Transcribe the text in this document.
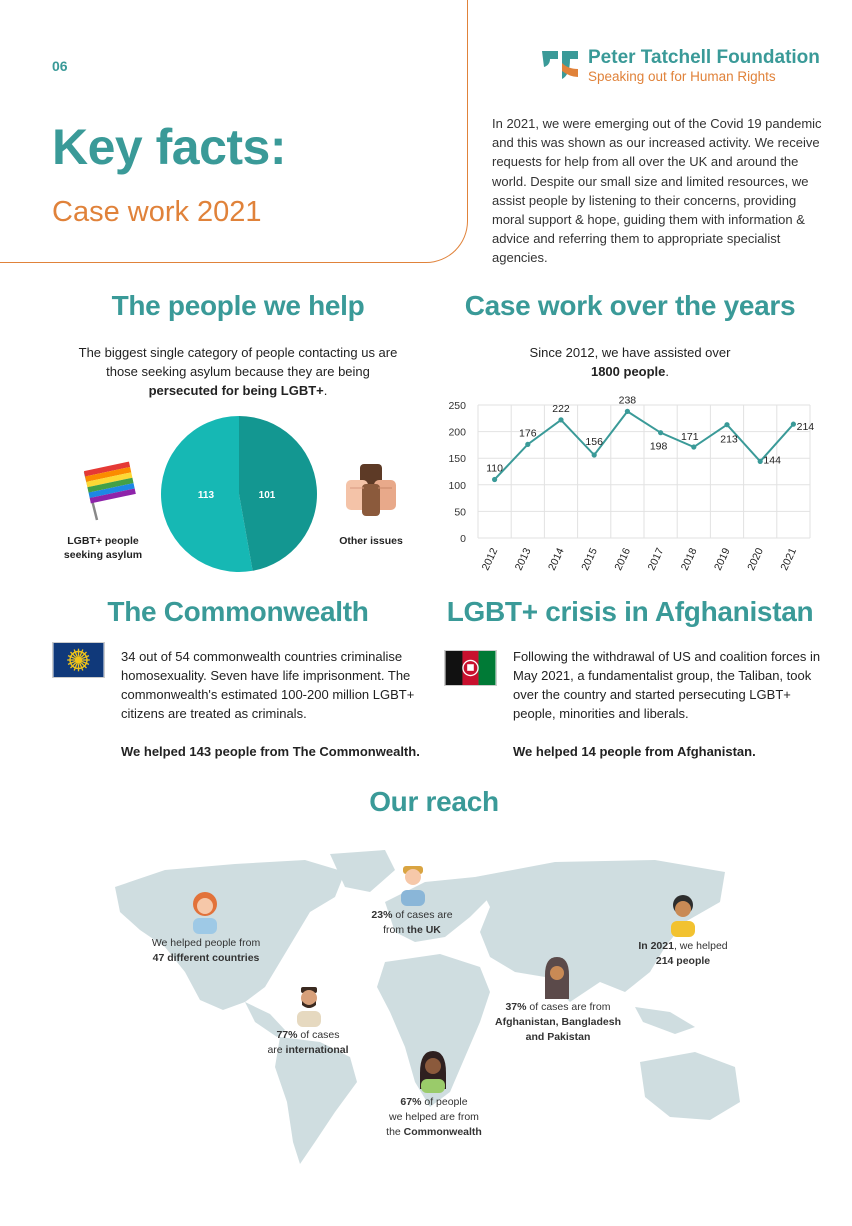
06
Key facts:
Case work 2021
Peter Tatchell Foundation
Speaking out for Human Rights
In 2021, we were emerging out of the Covid 19 pandemic and this was shown as our increased activity. We receive requests for help from all over the UK and around the world. Despite our small size and limited resources, we assist people by listening to their concerns, providing moral support & hope, guiding them with information & advice and referring them to appropriate specialist agencies.
The people we help
The biggest single category of people contacting us are those seeking asylum because they are being persecuted for being LGBT+.
LGBT+ people seeking asylum
113	101
Other issues
Case work over the years
Since 2012, we have assisted over 1800 people.
0
50
100
150
200
250
2012 2013 2014 2015 2016 2017 2018 2019 2020 2021
110
176
222
156
238
198
171 213
144
214
The Commonwealth
34 out of 54 commonwealth countries criminalise homosexuality. Seven have life imprisonment. The commonwealth's estimated 100-200 million LGBT+ citizens are treated as criminals.
We helped 143 people from The Commonwealth.
LGBT+ crisis in Afghanistan
Following the withdrawal of US and coalition forces in May 2021, a fundamentalist group, the Taliban, took over the country and started persecuting LGBT+ people, minorities and liberals.
We helped 14 people from Afghanistan.
Our reach
We helped people from
47 different countries
23% of cases are
from the UK
In 2021, we helped
214 people
37% of cases are from
Afghanistan, Bangladesh
and Pakistan
77% of cases
are international
67% of people
we helped are from
the Commonwealth
